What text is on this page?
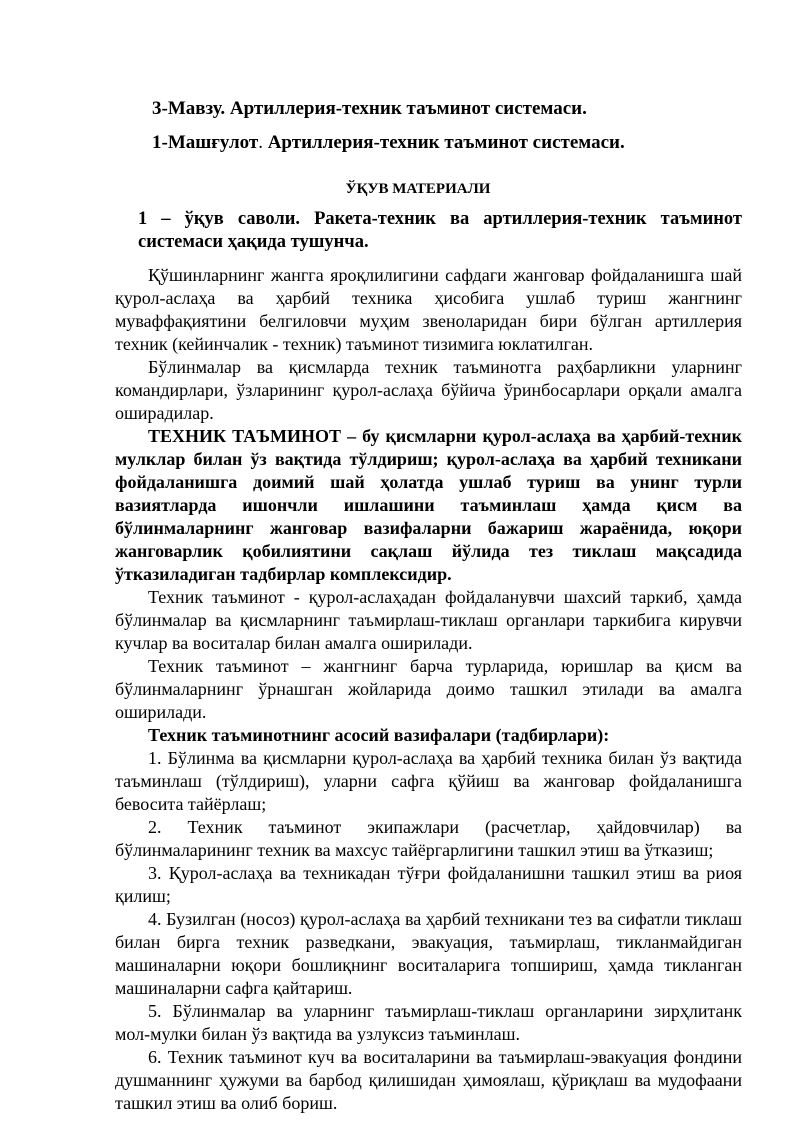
3-Мавзу. Артиллерия-техник таъминот системаси.
1-Машғулот. Артиллерия-техник таъминот системаси.
ЎҚУВ МАТЕРИАЛИ
1 – ўқув саволи. Ракета-техник ва артиллерия-техник таъминот системаси ҳақида тушунча.

Қўшинларнинг жангга яроқлилигини сафдаги жанговар фойдаланишга шай қурол-аслаҳа ва ҳарбий техника ҳисобига ушлаб туриш жангнинг муваффақиятини белгиловчи муҳим звеноларидан бири бўлган артиллерия техник (кейинчалик - техник) таъминот тизимига юклатилган.

Бўлинмалар ва қисмларда техник таъминотга раҳбарликни уларнинг командирлари, ўзларининг қурол-аслаҳа бўйича ўринбосарлари орқали амалга оширадилар.

ТЕХНИК ТАЪМИНОТ – бу қисмларни қурол-аслаҳа ва ҳарбий-техник мулклар билан ўз вақтида тўлдириш; қурол-аслаҳа ва ҳарбий техникани фойдаланишга доимий шай ҳолатда ушлаб туриш ва унинг турли вазиятларда ишончли ишлашини таъминлаш ҳамда қисм ва бўлинмаларнинг жанговар вазифаларни бажариш жараёнида, юқори жанговарлик қобилиятини сақлаш йўлида тез тиклаш мақсадида ўтказиладиган тадбирлар комплексидир.

Техник таъминот - қурол-аслаҳадан фойдаланувчи шахсий таркиб, ҳамда бўлинмалар ва қисмларнинг таъмирлаш-тиклаш органлари таркибига кирувчи кучлар ва воситалар билан амалга оширилади.

Техник таъминот – жангнинг барча турларида, юришлар ва қисм ва бўлинмаларнинг ўрнашган жойларида доимо ташкил этилади ва амалга оширилади.

Техник таъминотнинг асосий вазифалари (тадбирлари):

1. Бўлинма ва қисмларни қурол-аслаҳа ва ҳарбий техника билан ўз вақтида таъминлаш (тўлдириш), уларни сафга қўйиш ва жанговар фойдаланишга бевосита тайёрлаш;

2. Техник таъминот экипажлари (расчетлар, ҳайдовчилар) ва бўлинмаларининг техник ва махсус тайёргарлигини ташкил этиш ва ўтказиш;

3. Қурол-аслаҳа ва техникадан тўғри фойдаланишни ташкил этиш ва риоя қилиш;

4. Бузилган (носоз) қурол-аслаҳа ва ҳарбий техникани тез ва сифатли тиклаш билан бирга техник разведкани, эвакуация, таъмирлаш, тикланмайдиган машиналарни юқори бошлиқнинг воситаларига топшириш, ҳамда тикланган машиналарни сафга қайтариш.

5. Бўлинмалар ва уларнинг таъмирлаш-тиклаш органларини зирҳлитанк мол-мулки билан ўз вақтида ва узлуксиз таъминлаш.

6. Техник таъминот куч ва воситаларини ва таъмирлаш-эвакуация фондини душманнинг ҳужуми ва барбод қилишидан ҳимоялаш, қўриқлаш ва мудофаани ташкил этиш ва олиб бориш.
